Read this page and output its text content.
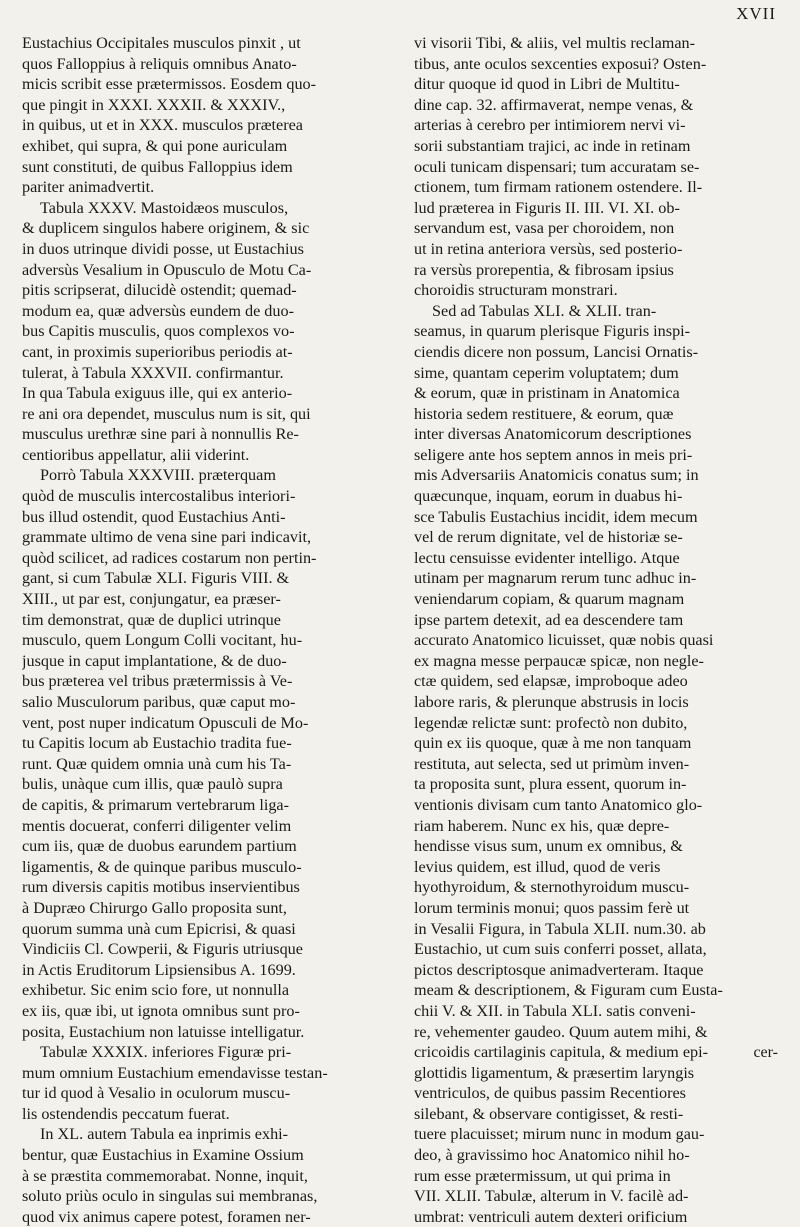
XVII

Eustachius Occipitales musculos pinxit , ut

quos Falloppius à reliquis omnibus Anato-

micis scribit esse prætermissos. Eosdem quo-

que pingit in XXXI. XXXII. & XXXIV.,

in quibus, ut et in XXX. musculos præterea

exhibet, qui supra, & qui pone auriculam

sunt constituti, de quibus Falloppius idem

pariter animadvertit.

Tabula XXXV. Mastoidæos musculos,

& duplicem singulos habere originem, & sic

in duos utrinque dividi posse, ut Eustachius

adversùs Vesalium in Opusculo de Motu Ca-

pitis scripserat, dilucidè ostendit; quemad-

modum ea, quæ adversùs eundem de duo-

bus Capitis musculis, quos complexos vo-

cant, in proximis superioribus periodis at-

tulerat, à Tabula XXXVII. confirmantur.

In qua Tabula exiguus ille, qui ex anterio-

re ani ora dependet, musculus num is sit, qui

musculus urethræ sine pari à nonnullis Re-

centioribus appellatur, alii viderint.

Porrò Tabula XXXVIII. præterquam

quòd de musculis intercostalibus interiori-

bus illud ostendit, quod Eustachius Anti-

grammate ultimo de vena sine pari indicavit,

quòd scilicet, ad radices costarum non pertin-

gant, si cum Tabulæ XLI. Figuris VIII. &

XIII., ut par est, conjungatur, ea præser-

tim demonstrat, quæ de duplici utrinque

musculo, quem Longum Colli vocitant, hu-

jusque in caput implantatione, & de duo-

bus præterea vel tribus prætermissis à Ve-

salio Musculorum paribus, quæ caput mo-

vent, post nuper indicatum Opusculi de Mo-

tu Capitis locum ab Eustachio tradita fue-

runt. Quæ quidem omnia unà cum his Ta-

bulis, unàque cum illis, quæ paulò supra

de capitis, & primarum vertebrarum liga-

mentis docuerat, conferri diligenter velim

cum iis, quæ de duobus earundem partium

ligamentis, & de quinque paribus musculo-

rum diversis capitis motibus inservientibus

à Dupræo Chirurgo Gallo proposita sunt,

quorum summa unà cum Epicrisi, & quasi

Vindiciis Cl. Cowperii, & Figuris utriusque

in Actis Eruditorum Lipsiensibus A. 1699.

exhibetur. Sic enim scio fore, ut nonnulla

ex iis, quæ ibi, ut ignota omnibus sunt pro-

posita, Eustachium non latuisse intelligatur.

Tabulæ XXXIX. inferiores Figuræ pri-

mum omnium Eustachium emendavisse testan-

tur id quod à Vesalio in oculorum muscu-

lis ostendendis peccatum fuerat.

In XL. autem Tabula ea inprimis exhi-

bentur, quæ Eustachius in Examine Ossium

à se præstita commemorabat. Nonne, inquit,

soluto priùs oculo in singulas sui membranas,

quod vix animus capere potest, foramen ner-

vi visorii Tibi, & aliis, vel multis reclaman-

tibus, ante oculos sexcenties exposui? Osten-

ditur quoque id quod in Libri de Multitu-

dine cap. 32. affirmaverat, nempe venas, &

arterias à cerebro per intimiorem nervi vi-

sorii substantiam trajici, ac inde in retinam

oculi tunicam dispensari; tum accuratam se-

ctionem, tum firmam rationem ostendere. Il-

lud præterea in Figuris II. III. VI. XI. ob-

servandum est, vasa per choroidem, non

ut in retina anteriora versùs, sed posterio-

ra versùs prorepentia, & fibrosam ipsius

choroidis structuram monstrari.

Sed ad Tabulas XLI. & XLII. tran-

seamus, in quarum plerisque Figuris inspi-

ciendis dicere non possum, Lancisi Ornatis-

sime, quantam ceperim voluptatem; dum

& eorum, quæ in pristinam in Anatomica

historia sedem restituere, & eorum, quæ

inter diversas Anatomicorum descriptiones

seligere ante hos septem annos in meis pri-

mis Adversariis Anatomicis conatus sum; in

quæcunque, inquam, eorum in duabus hi-

sce Tabulis Eustachius incidit, idem mecum

vel de rerum dignitate, vel de historiæ se-

lectu censuisse evidenter intelligo. Atque

utinam per magnarum rerum tunc adhuc in-

veniendarum copiam, & quarum magnam

ipse partem detexit, ad ea descendere tam

accurato Anatomico licuisset, quæ nobis quasi

ex magna messe perpaucæ spicæ, non negle-

ctæ quidem, sed elapsæ, improboque adeo

labore raris, & plerunque abstrusis in locis

legendæ relictæ sunt: profectò non dubito,

quin ex iis quoque, quæ à me non tanquam

restituta, aut selecta, sed ut primùm inven-

ta proposita sunt, plura essent, quorum in-

ventionis divisam cum tanto Anatomico glo-

riam haberem. Nunc ex his, quæ depre-

hendisse visus sum, unum ex omnibus, &

levius quidem, est illud, quod de veris

hyothyroidum, & sternothyroidum muscu-

lorum terminis monui; quos passim ferè ut

in Vesalii Figura, in Tabula XLII. num.30. ab

Eustachio, ut cum suis conferri posset, allata,

pictos descriptosque animadverteram. Itaque

meam & descriptionem, & Figuram cum Eusta-

chii V. & XII. in Tabula XLI. satis conveni-

re, vehementer gaudeo. Quum autem mihi, &

cricoidis cartilaginis capitula, & medium epi-

glottidis ligamentum, & præsertim laryngis

ventriculos, de quibus passim Recentiores

silebant, & observare contigisset, & resti-

tuere placuisset; mirum nunc in modum gau-

deo, à gravissimo hoc Anatomico nihil ho-

rum esse prætermissum, ut qui prima in

VII. XLII. Tabulæ, alterum in V. facilè ad-

umbrat: ventriculi autem dexteri orificium

cer-
